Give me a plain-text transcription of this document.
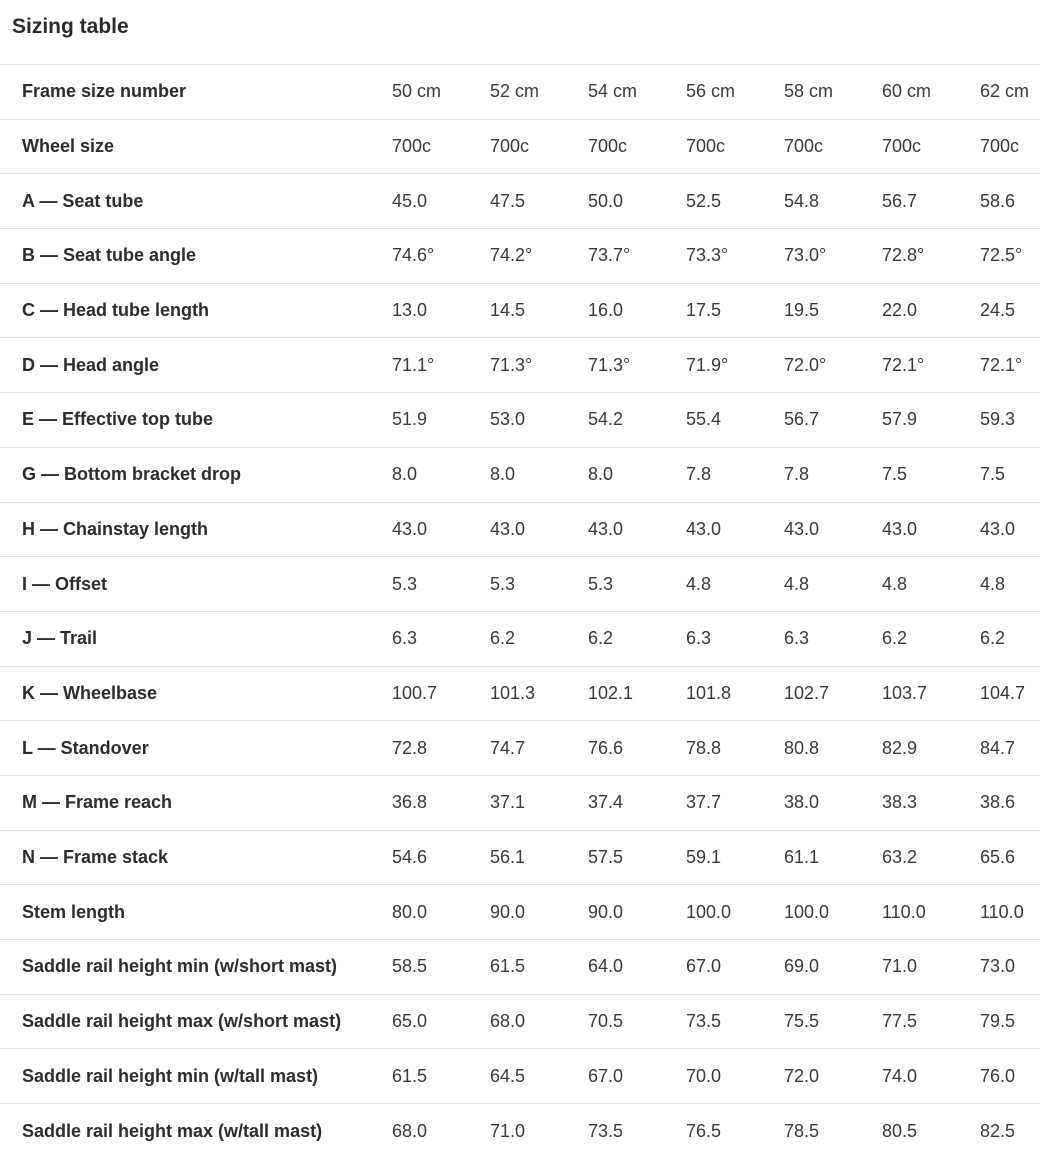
Sizing table
Frame size number	50 cm	52 cm	54 cm	56 cm	58 cm	60 cm	62 cm
Wheel size	700c	700c	700c	700c	700c	700c	700c
A — Seat tube	45.0	47.5	50.0	52.5	54.8	56.7	58.6
B — Seat tube angle	74.6°	74.2°	73.7°	73.3°	73.0°	72.8°	72.5°
C — Head tube length	13.0	14.5	16.0	17.5	19.5	22.0	24.5
D — Head angle	71.1°	71.3°	71.3°	71.9°	72.0°	72.1°	72.1°
E — Effective top tube	51.9	53.0	54.2	55.4	56.7	57.9	59.3
G — Bottom bracket drop	8.0	8.0	8.0	7.8	7.8	7.5	7.5
H — Chainstay length	43.0	43.0	43.0	43.0	43.0	43.0	43.0
I — Offset	5.3	5.3	5.3	4.8	4.8	4.8	4.8
J — Trail	6.3	6.2	6.2	6.3	6.3	6.2	6.2
K — Wheelbase	100.7	101.3	102.1	101.8	102.7	103.7	104.7
L — Standover	72.8	74.7	76.6	78.8	80.8	82.9	84.7
M — Frame reach	36.8	37.1	37.4	37.7	38.0	38.3	38.6
N — Frame stack	54.6	56.1	57.5	59.1	61.1	63.2	65.6
Stem length	80.0	90.0	90.0	100.0	100.0	110.0	110.0
Saddle rail height min (w/short mast)	58.5	61.5	64.0	67.0	69.0	71.0	73.0
Saddle rail height max (w/short mast)	65.0	68.0	70.5	73.5	75.5	77.5	79.5
Saddle rail height min (w/tall mast)	61.5	64.5	67.0	70.0	72.0	74.0	76.0
Saddle rail height max (w/tall mast)	68.0	71.0	73.5	76.5	78.5	80.5	82.5
